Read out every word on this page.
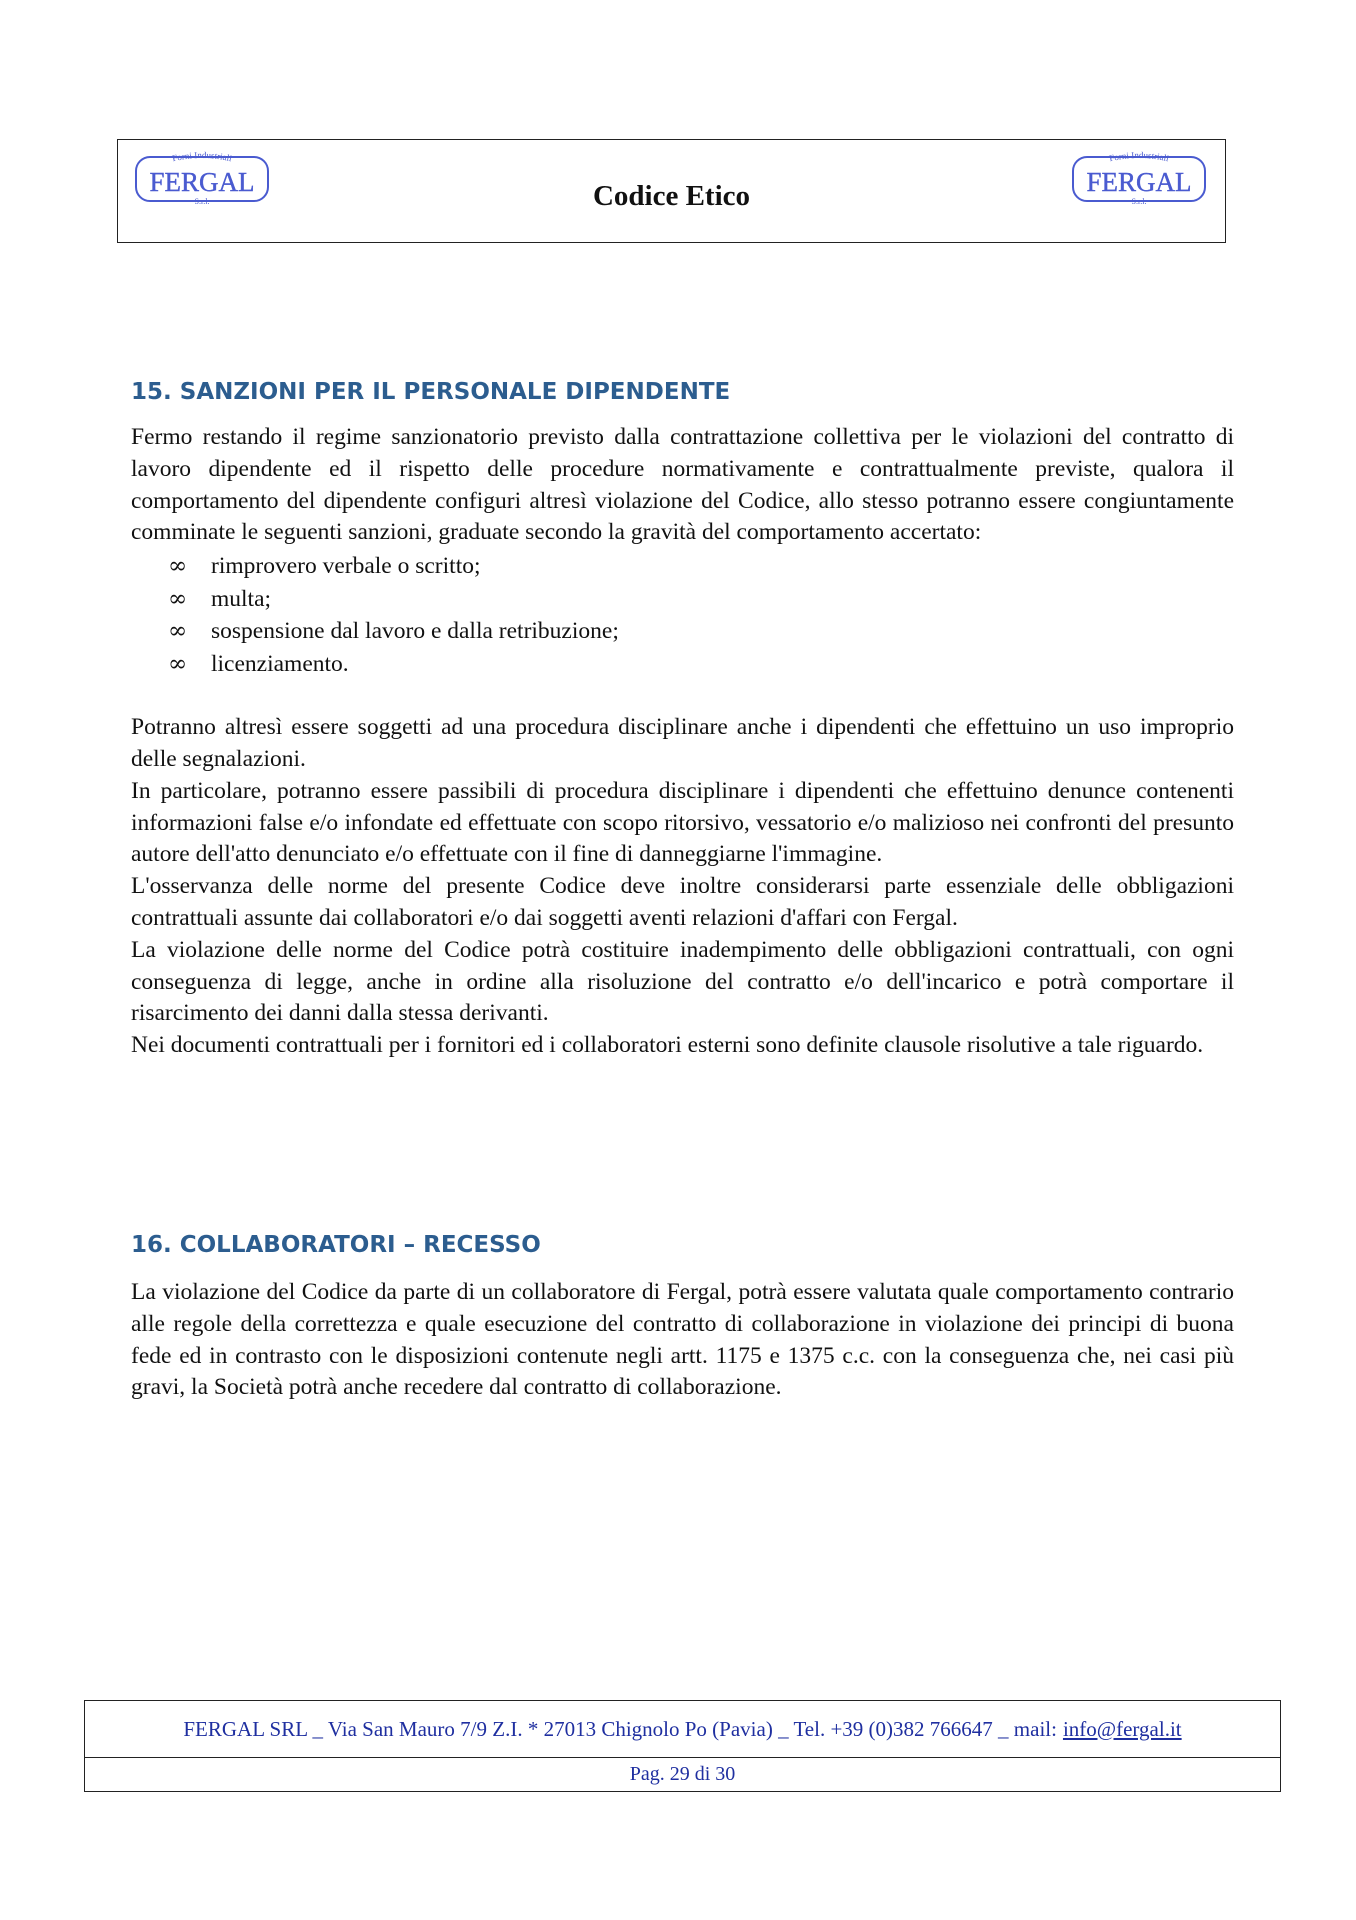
Forni Industriali
FERGAL
S.r.l.	Codice Etico
Forni Industriali
FERGAL
S.r.l.
15. SANZIONI PER IL PERSONALE DIPENDENTE

Fermo restando il regime sanzionatorio previsto dalla contrattazione collettiva per le violazioni del contratto di lavoro dipendente ed il rispetto delle procedure normativamente e contrattualmente previste, qualora il comportamento del dipendente configuri altresì violazione del Codice, allo stesso potranno essere congiuntamente comminate le seguenti sanzioni, graduate secondo la gravità del comportamento accertato:

∞ rimprovero verbale o scritto;
∞ multa;
∞ sospensione dal lavoro e dalla retribuzione;
∞ licenziamento.

Potranno altresì essere soggetti ad una procedura disciplinare anche i dipendenti che effettuino un uso improprio delle segnalazioni.

In particolare, potranno essere passibili di procedura disciplinare i dipendenti che effettuino denunce contenenti informazioni false e/o infondate ed effettuate con scopo ritorsivo, vessatorio e/o malizioso nei confronti del presunto autore dell'atto denunciato e/o effettuate con il fine di danneggiarne l'immagine.

L'osservanza delle norme del presente Codice deve inoltre considerarsi parte essenziale delle obbligazioni contrattuali assunte dai collaboratori e/o dai soggetti aventi relazioni d'affari con Fergal.

La violazione delle norme del Codice potrà costituire inadempimento delle obbligazioni contrattuali, con ogni conseguenza di legge, anche in ordine alla risoluzione del contratto e/o dell'incarico e potrà comportare il risarcimento dei danni dalla stessa derivanti.

Nei documenti contrattuali per i fornitori ed i collaboratori esterni sono definite clausole risolutive a tale riguardo.

16. COLLABORATORI – RECESSO

La violazione del Codice da parte di un collaboratore di Fergal, potrà essere valutata quale comportamento contrario alle regole della correttezza e quale esecuzione del contratto di collaborazione in violazione dei principi di buona fede ed in contrasto con le disposizioni contenute negli artt. 1175 e 1375 c.c. con la conseguenza che, nei casi più gravi, la Società potrà anche recedere dal contratto di collaborazione.

FERGAL SRL _ Via San Mauro 7/9 Z.I. * 27013 Chignolo Po (Pavia) _ Tel. +39 (0)382 766647 _ mail: info@fergal.it
Pag. 29 di 30
